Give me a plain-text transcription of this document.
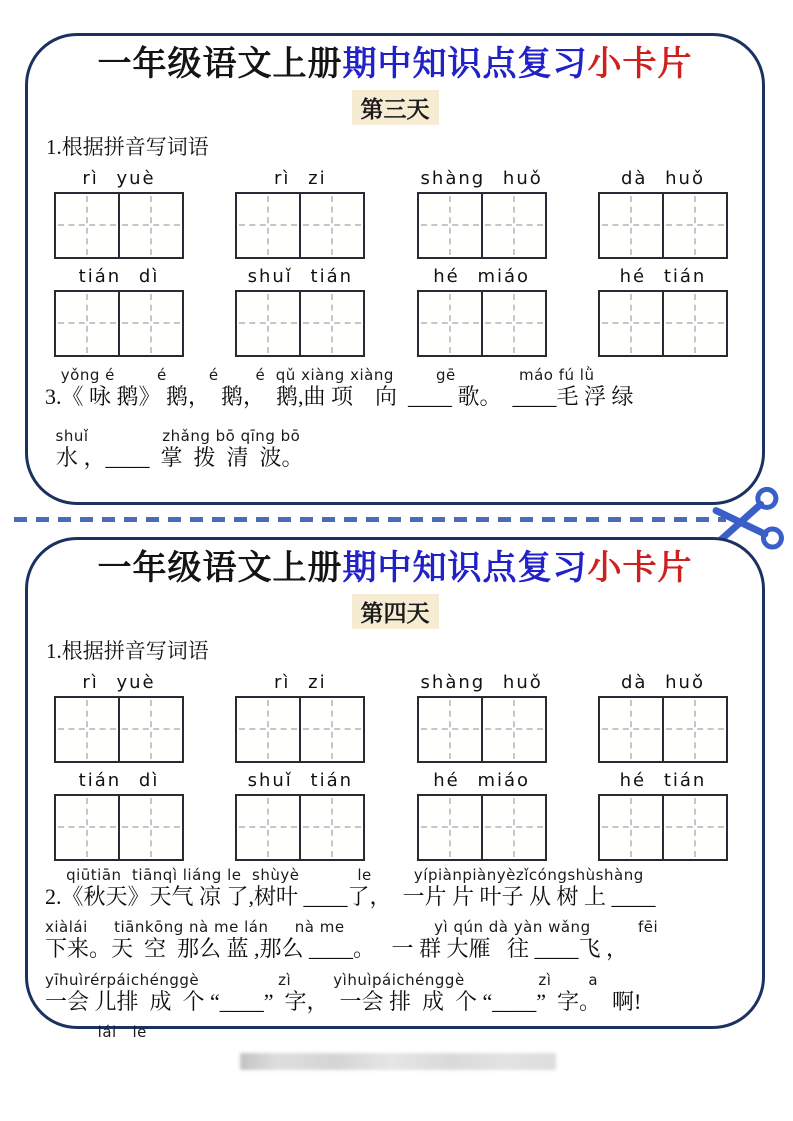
一年级语文上册期中知识点复习小卡片
第三天
1.根据拼音写词语
rì yuè	rì zi	shàng huǒ	dà huǒ
tián dì	shuǐ tián	hé miáo	hé tián
yǒng é        é        é       é  qǔ xiàng xiàng        gē            máo fú lǜ
3.《 咏 鹅》 鹅，  鹅，  鹅,曲 项    向  ____ 歌。  ____毛 浮 绿
shuǐ              zhǎng bō qīng bō
水 ，____  掌  拨  清  波。
一年级语文上册期中知识点复习小卡片
第四天
1.根据拼音写词语
rì yuè	rì zi	shàng huǒ	dà huǒ
tián dì	shuǐ tián	hé miáo	hé tián
qiūtiān  tiānqì liáng le  shùyè           le        yípiànpiànyèzǐcóngshùshàng
2.《秋天》天气 凉 了,树叶 ____了，  一片 片 叶子 从 树 上 ____
xiàlái     tiānkōng nà me lán     nà me                 yì qún dà yàn wǎng         fēi
下来。天  空  那么 蓝 ,那么 ____。   一 群 大雁   往 ____飞 ，
yīhuìrérpáichénggè               zì        yìhuìpáichénggè              zì       a
一会 儿排  成  个 “____”  字，  一会 排  成  个 “____”  字。  啊!
lái   le
